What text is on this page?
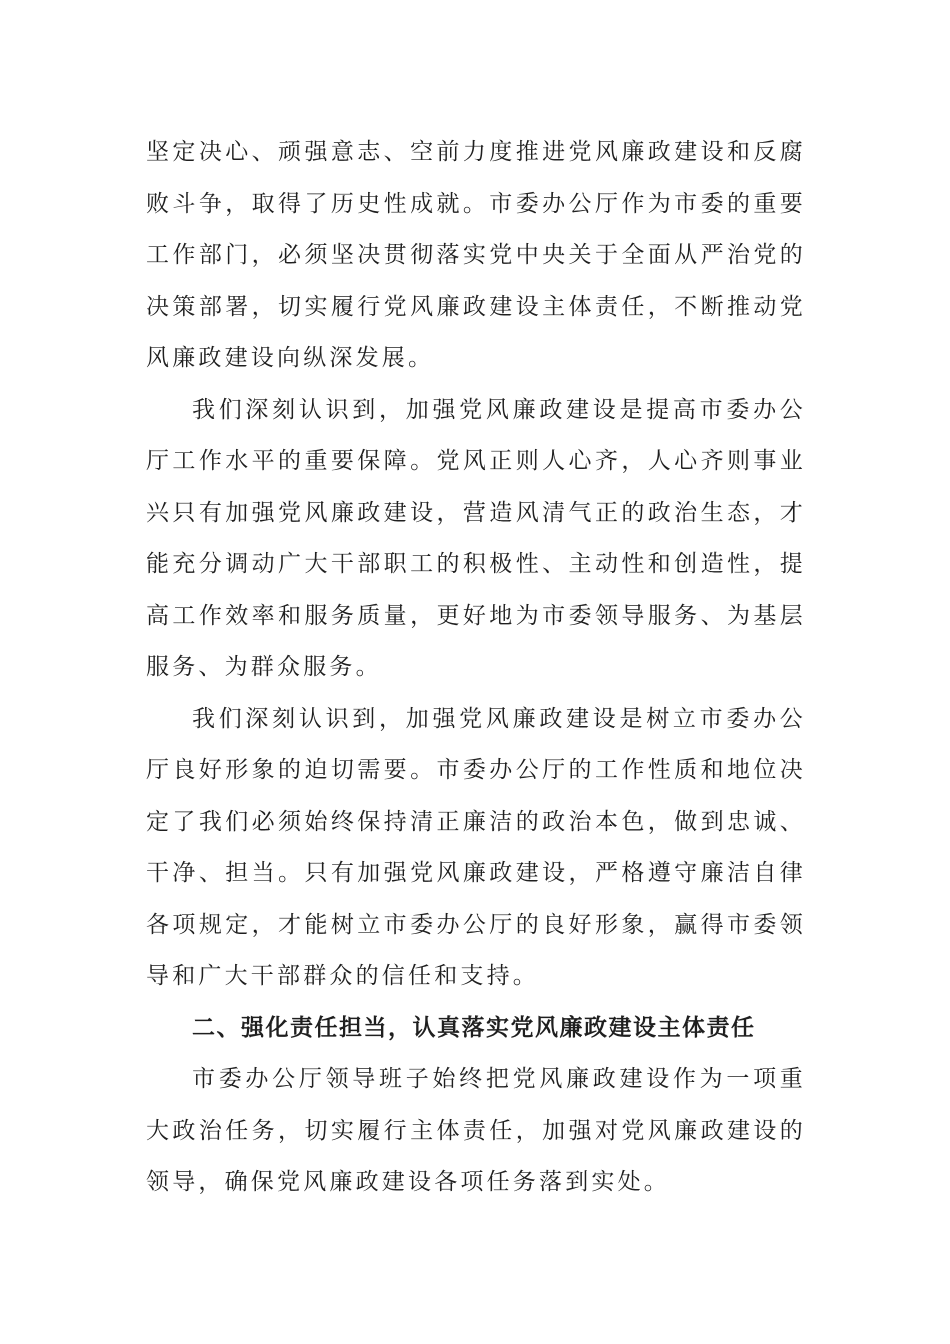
坚定决心、顽强意志、空前力度推进党风廉政建设和反腐败斗争，取得了历史性成就。市委办公厅作为市委的重要工作部门，必须坚决贯彻落实党中央关于全面从严治党的决策部署，切实履行党风廉政建设主体责任，不断推动党风廉政建设向纵深发展。

我们深刻认识到，加强党风廉政建设是提高市委办公厅工作水平的重要保障。党风正则人心齐，人心齐则事业兴只有加强党风廉政建设，营造风清气正的政治生态，才能充分调动广大干部职工的积极性、主动性和创造性，提高工作效率和服务质量，更好地为市委领导服务、为基层服务、为群众服务。

我们深刻认识到，加强党风廉政建设是树立市委办公厅良好形象的迫切需要。市委办公厅的工作性质和地位决定了我们必须始终保持清正廉洁的政治本色，做到忠诚、干净、担当。只有加强党风廉政建设，严格遵守廉洁自律各项规定，才能树立市委办公厅的良好形象，赢得市委领导和广大干部群众的信任和支持。

二、强化责任担当，认真落实党风廉政建设主体责任

市委办公厅领导班子始终把党风廉政建设作为一项重大政治任务，切实履行主体责任，加强对党风廉政建设的领导，确保党风廉政建设各项任务落到实处。
